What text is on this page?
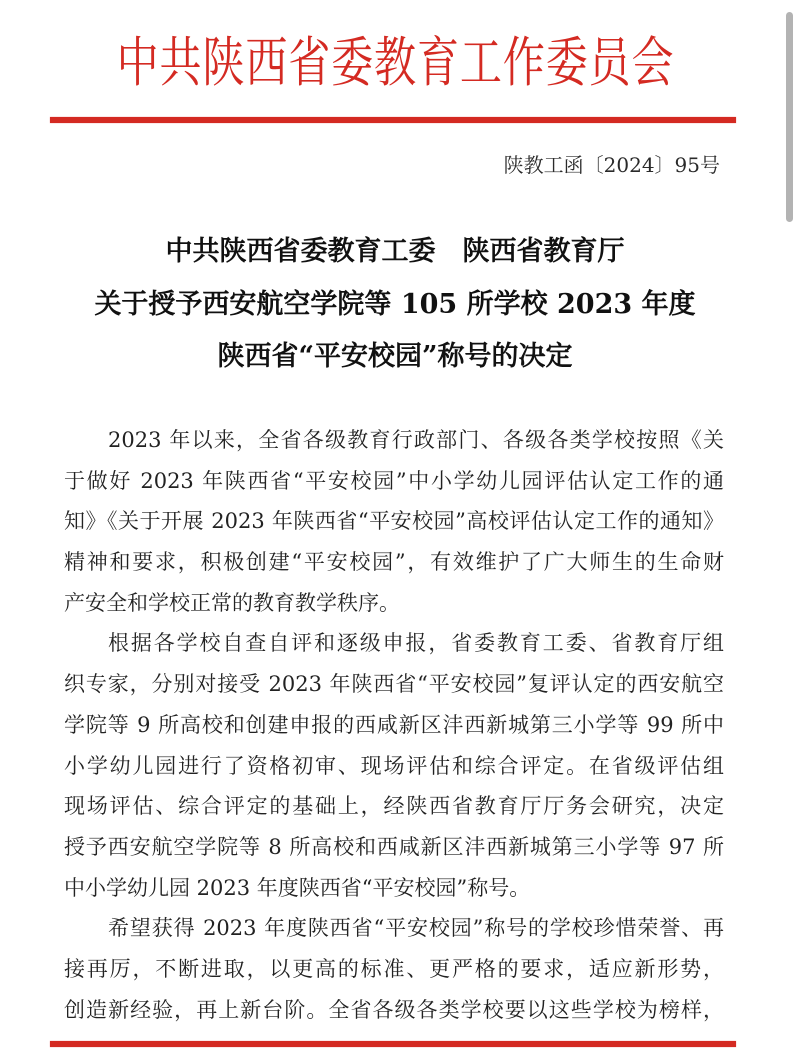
中共陕西省委教育工作委员会
陕教工函〔2024〕95号
中共陕西省委教育工委　陕西省教育厅
关于授予西安航空学院等 105 所学校 2023 年度
陕西省“平安校园”称号的决定
2023 年以来，全省各级教育行政部门、各级各类学校按照《关
于做好 2023 年陕西省“平安校园”中小学幼儿园评估认定工作的通
知》《关于开展 2023 年陕西省“平安校园”高校评估认定工作的通知》
精神和要求，积极创建“平安校园”，有效维护了广大师生的生命财
产安全和学校正常的教育教学秩序。
根据各学校自查自评和逐级申报，省委教育工委、省教育厅组
织专家，分别对接受 2023 年陕西省“平安校园”复评认定的西安航空
学院等 9 所高校和创建申报的西咸新区沣西新城第三小学等 99 所中
小学幼儿园进行了资格初审、现场评估和综合评定。在省级评估组
现场评估、综合评定的基础上，经陕西省教育厅厅务会研究，决定
授予西安航空学院等 8 所高校和西咸新区沣西新城第三小学等 97 所
中小学幼儿园 2023 年度陕西省“平安校园”称号。
希望获得 2023 年度陕西省“平安校园”称号的学校珍惜荣誉、再
接再厉，不断进取，以更高的标准、更严格的要求，适应新形势，
创造新经验，再上新台阶。全省各级各类学校要以这些学校为榜样，
